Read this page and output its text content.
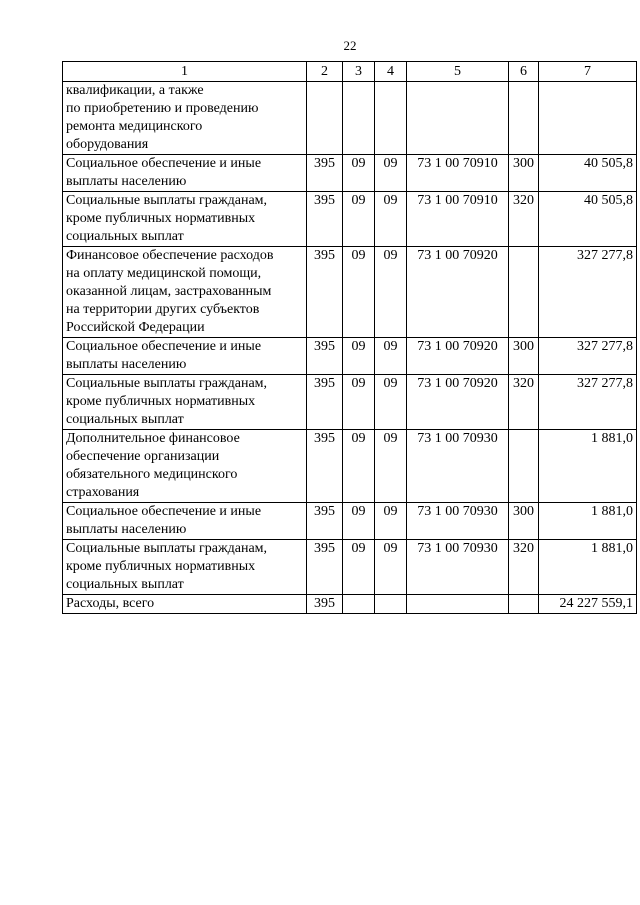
22
1	2	3	4	5	6	7

квалификации, а также
по приобретению и проведению
ремонта медицинского
оборудования						

Социальное обеспечение и иные
выплаты населению	395	09	09	73 1 00 70910	300	40 505,8

Социальные выплаты гражданам,
кроме публичных нормативных
социальных выплат	395	09	09	73 1 00 70910	320	40 505,8

Финансовое обеспечение расходов
на оплату медицинской помощи,
оказанной лицам, застрахованным
на территории других субъектов
Российской Федерации	395	09	09	73 1 00 70920		327 277,8

Социальное обеспечение и иные
выплаты населению	395	09	09	73 1 00 70920	300	327 277,8

Социальные выплаты гражданам,
кроме публичных нормативных
социальных выплат	395	09	09	73 1 00 70920	320	327 277,8

Дополнительное финансовое
обеспечение организации
обязательного медицинского
страхования	395	09	09	73 1 00 70930		1 881,0

Социальное обеспечение и иные
выплаты населению	395	09	09	73 1 00 70930	300	1 881,0

Социальные выплаты гражданам,
кроме публичных нормативных
социальных выплат	395	09	09	73 1 00 70930	320	1 881,0

Расходы, всего	395					24 227 559,1
